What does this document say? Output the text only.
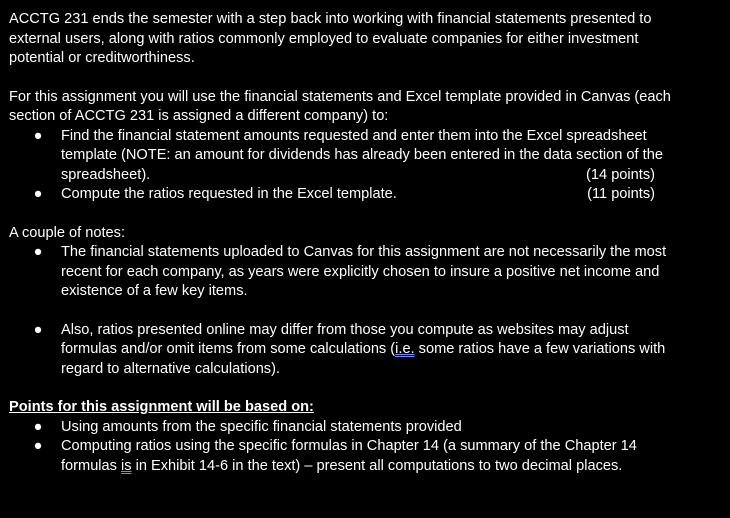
ACCTG 231 ends the semester with a step back into working with financial statements presented to external users, along with ratios commonly employed to evaluate companies for either investment potential or creditworthiness.

For this assignment you will use the financial statements and Excel template provided in Canvas (each section of ACCTG 231 is assigned a different company) to:

● Find the financial statement amounts requested and enter them into the Excel spreadsheet template (NOTE: an amount for dividends has already been entered in the data section of the
spreadsheet).	(14 points)
● Compute the ratios requested in the Excel template.	(11 points)

A couple of notes:

● The financial statements uploaded to Canvas for this assignment are not necessarily the most recent for each company, as years were explicitly chosen to insure a positive net income and existence of a few key items.
● Also, ratios presented online may differ from those you compute as websites may adjust formulas and/or omit items from some calculations (i.e. some ratios have a few variations with regard to alternative calculations).

Points for this assignment will be based on:

● Using amounts from the specific financial statements provided
● Computing ratios using the specific formulas in Chapter 14 (a summary of the Chapter 14 formulas is in Exhibit 14-6 in the text) – present all computations to two decimal places.
